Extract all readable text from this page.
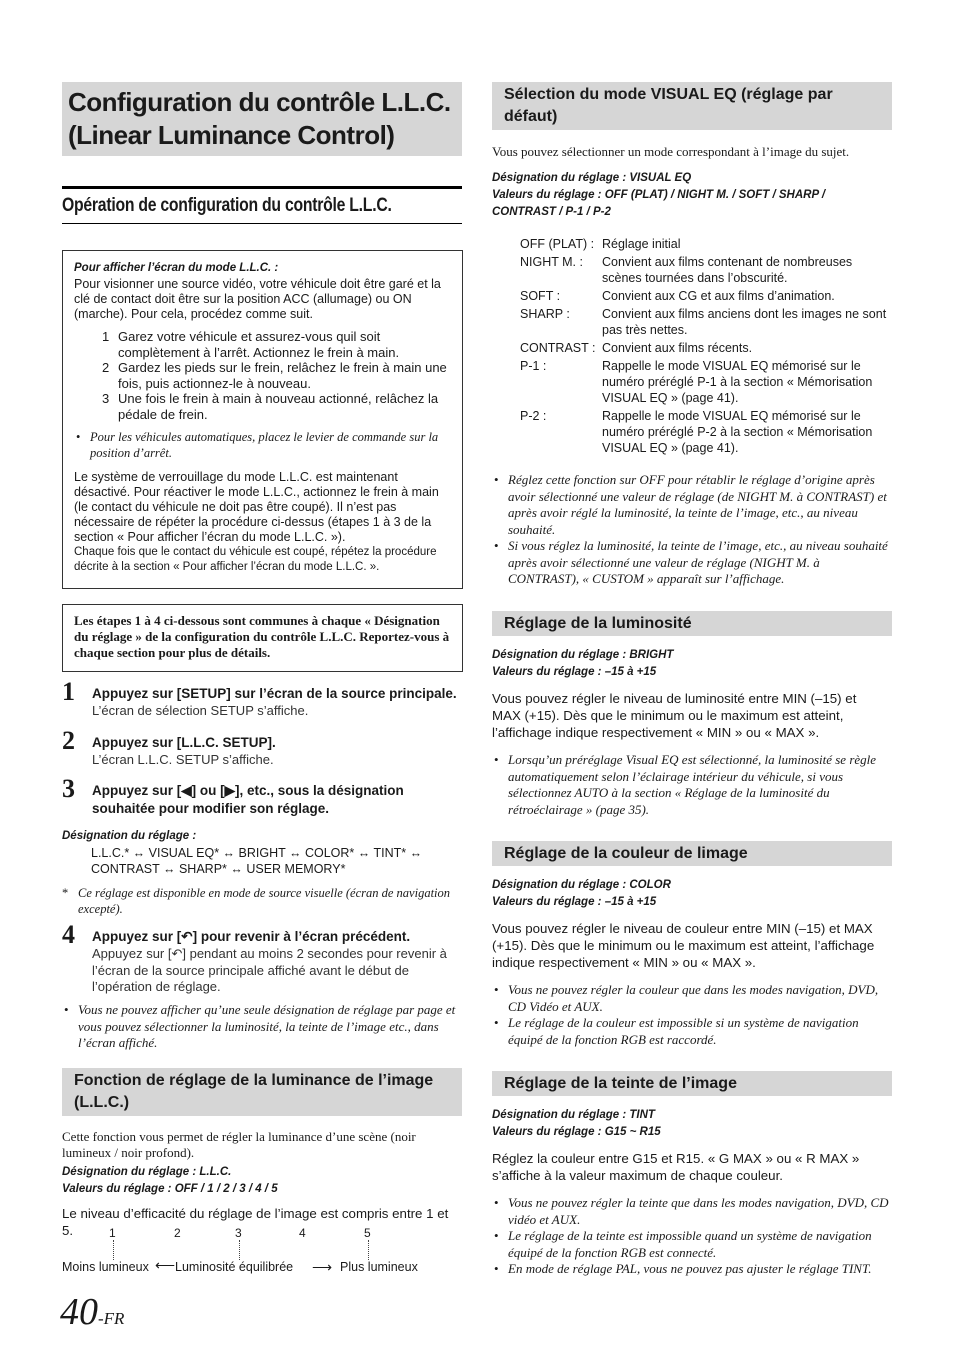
Configuration du contrôle L.L.C.
(Linear Luminance Control)
Opération de configuration du contrôle L.L.C.
Pour afficher l’écran du mode L.L.C. :
Pour visionner une source vidéo, votre véhicule doit être garé et la clé de contact doit être sur la position ACC (allumage) ou ON (marche). Pour cela, procédez comme suit.
1 Garez votre véhicule et assurez-vous quil soit complètement à l’arrêt. Actionnez le frein à main.
2 Gardez les pieds sur le frein, relâchez le frein à main une fois, puis actionnez-le à nouveau.
3 Une fois le frein à main à nouveau actionné, relâchez la pédale de frein.
• Pour les véhicules automatiques, placez le levier de commande sur la position d’arrêt.
Le système de verrouillage du mode L.L.C. est maintenant désactivé. Pour réactiver le mode L.L.C., actionnez le frein à main (le contact du véhicule ne doit pas être coupé). Il n’est pas nécessaire de répéter la procédure ci-dessus (étapes 1 à 3 de la section « Pour afficher l’écran du mode L.L.C. »).
Chaque fois que le contact du véhicule est coupé, répétez la procédure décrite à la section « Pour afficher l’écran du mode L.L.C. ».
Les étapes 1 à 4 ci-dessous sont communes à chaque « Désignation du réglage » de la configuration du contrôle L.L.C. Reportez-vous à chaque section pour plus de détails.
1 Appuyez sur [SETUP] sur l’écran de la source principale.
L’écran de sélection SETUP s’affiche.
2 Appuyez sur [L.L.C. SETUP].
L’écran L.L.C. SETUP s’affiche.
3 Appuyez sur [◀] ou [▶], etc., sous la désignation souhaitée pour modifier son réglage.
Désignation du réglage :
L.L.C.* ↔ VISUAL EQ* ↔ BRIGHT ↔ COLOR* ↔ TINT* ↔
CONTRAST ↔ SHARP* ↔ USER MEMORY*
* Ce réglage est disponible en mode de source visuelle (écran de navigation excepté).
4 Appuyez sur [↶] pour revenir à l’écran précédent.
Appuyez sur [↶] pendant au moins 2 secondes pour revenir à l’écran de la source principale affiché avant le début de l’opération de réglage.
• Vous ne pouvez afficher qu’une seule désignation de réglage par page et vous pouvez sélectionner la luminosité, la teinte de l’image etc., dans l’écran affiché.
Fonction de réglage de la luminance de l’image (L.L.C.)
Cette fonction vous permet de régler la luminance d’une scène (noir lumineux / noir profond).
Désignation du réglage : L.L.C.
Valeurs du réglage : OFF / 1 / 2 / 3 / 4 / 5
Le niveau d’efficacité du réglage de l’image est compris entre 1 et 5.	1	2	3	4	5
Moins lumineux ⟵ Luminosité équilibrée ⟶ Plus lumineux
40-FR
Sélection du mode VISUAL EQ (réglage par défaut)
Vous pouvez sélectionner un mode correspondant à l’image du sujet.
Désignation du réglage : VISUAL EQ
Valeurs du réglage : OFF (PLAT) / NIGHT M. / SOFT / SHARP / CONTRAST / P-1 / P-2
OFF (PLAT) : Réglage initial
NIGHT M. :	Convient aux films contenant de nombreuses scènes tournées dans l’obscurité.
SOFT :	Convient aux CG et aux films d’animation.
SHARP :	Convient aux films anciens dont les images ne sont pas très nettes.
CONTRAST : Convient aux films récents.
P-1 :	Rappelle le mode VISUAL EQ mémorisé sur le numéro préréglé P-1 à la section « Mémorisation VISUAL EQ » (page 41).
P-2 :	Rappelle le mode VISUAL EQ mémorisé sur le numéro préréglé P-2 à la section « Mémorisation VISUAL EQ » (page 41).
• Réglez cette fonction sur OFF pour rétablir le réglage d’origine après avoir sélectionné une valeur de réglage (de NIGHT M. à CONTRAST) et après avoir réglé la luminosité, la teinte de l’image, etc., au niveau souhaité.
• Si vous réglez la luminosité, la teinte de l’image, etc., au niveau souhaité après avoir sélectionné une valeur de réglage (NIGHT M. à CONTRAST), « CUSTOM » apparaît sur l’affichage.
Réglage de la luminosité
Désignation du réglage : BRIGHT
Valeurs du réglage : –15 à +15
Vous pouvez régler le niveau de luminosité entre MIN (–15) et MAX (+15). Dès que le minimum ou le maximum est atteint, l’affichage indique respectivement « MIN » ou « MAX ».
• Lorsqu’un préréglage Visual EQ est sélectionné, la luminosité se règle automatiquement selon l’éclairage intérieur du véhicule, si vous sélectionnez AUTO à la section « Réglage de la luminosité du rétroéclairage » (page 35).
Réglage de la couleur de limage
Désignation du réglage : COLOR
Valeurs du réglage : –15 à +15
Vous pouvez régler le niveau de couleur entre MIN (–15) et MAX (+15). Dès que le minimum ou le maximum est atteint, l’affichage indique respectivement « MIN » ou « MAX ».
• Vous ne pouvez régler la couleur que dans les modes navigation, DVD, CD Vidéo et AUX.
• Le réglage de la couleur est impossible si un système de navigation équipé de la fonction RGB est raccordé.
Réglage de la teinte de l’image
Désignation du réglage : TINT
Valeurs du réglage : G15 ~ R15
Réglez la couleur entre G15 et R15. « G MAX » ou « R MAX » s’affiche à la valeur maximum de chaque couleur.
• Vous ne pouvez régler la teinte que dans les modes navigation, DVD, CD vidéo et AUX.
• Le réglage de la teinte est impossible quand un système de navigation équipé de la fonction RGB est connecté.
• En mode de réglage PAL, vous ne pouvez pas ajuster le réglage TINT.
